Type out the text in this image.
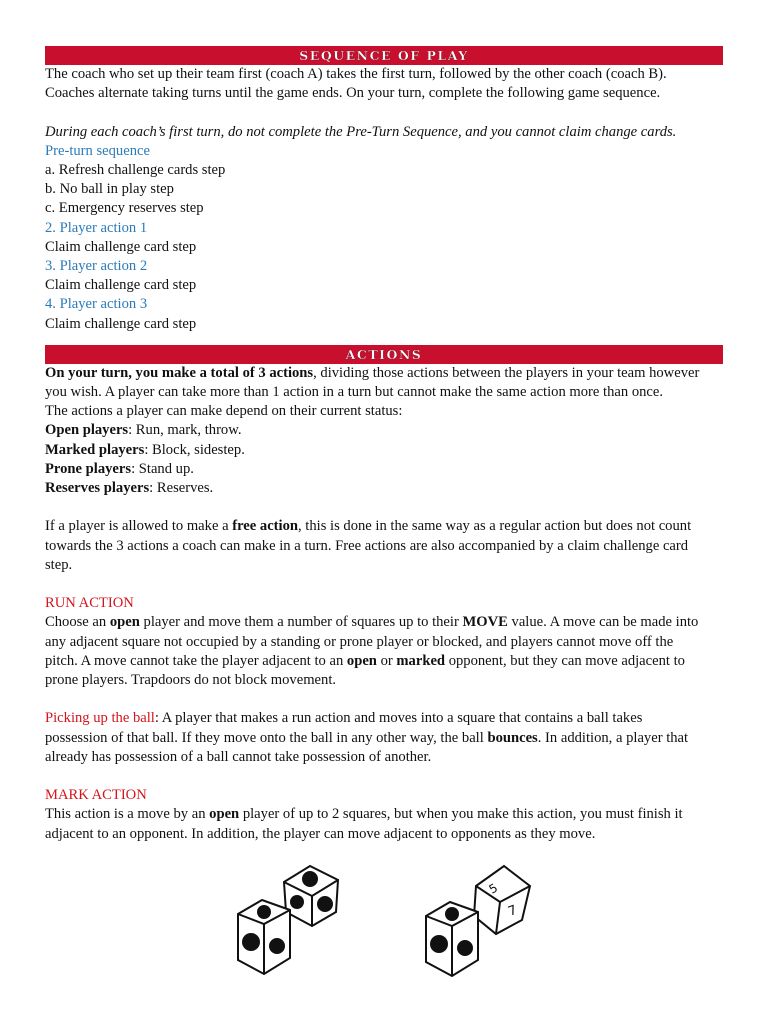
SEQUENCE OF PLAY

The coach who set up their team first (coach A) takes the first turn, followed by the other coach (coach B).

Coaches alternate taking turns until the game ends. On your turn, complete the following game sequence.

During each coach’s first turn, do not complete the Pre-Turn Sequence, and you cannot claim change cards.

Pre-turn sequence

a. Refresh challenge cards step

b. No ball in play step

c. Emergency reserves step

2. Player action 1

Claim challenge card step

3. Player action 2

Claim challenge card step

4. Player action 3

Claim challenge card step

ACTIONS

On your turn, you make a total of 3 actions, dividing those actions between the players in your team however

you wish. A player can take more than 1 action in a turn but cannot make the same action more than once.

The actions a player can make depend on their current status:

Open players: Run, mark, throw.

Marked players: Block, sidestep.

Prone players: Stand up.

Reserves players: Reserves.

If a player is allowed to make a free action, this is done in the same way as a regular action but does not count

towards the 3 actions a coach can make in a turn. Free actions are also accompanied by a claim challenge card

step.

RUN ACTION

Choose an open player and move them a number of squares up to their MOVE value. A move can be made into

any adjacent square not occupied by a standing or prone player or blocked, and players cannot move off the

pitch. A move cannot take the player adjacent to an open or marked opponent, but they can move adjacent to

prone players. Trapdoors do not block movement.

Picking up the ball: A player that makes a run action and moves into a square that contains a ball takes

possession of that ball. If they move onto the ball in any other way, the ball bounces. In addition, a player that

already has possession of a ball cannot take possession of another.

MARK ACTION

This action is a move by an open player of up to 2 squares, but when you make this action, you must finish it

adjacent to an opponent. In addition, the player can move adjacent to opponents as they move.

5
7
